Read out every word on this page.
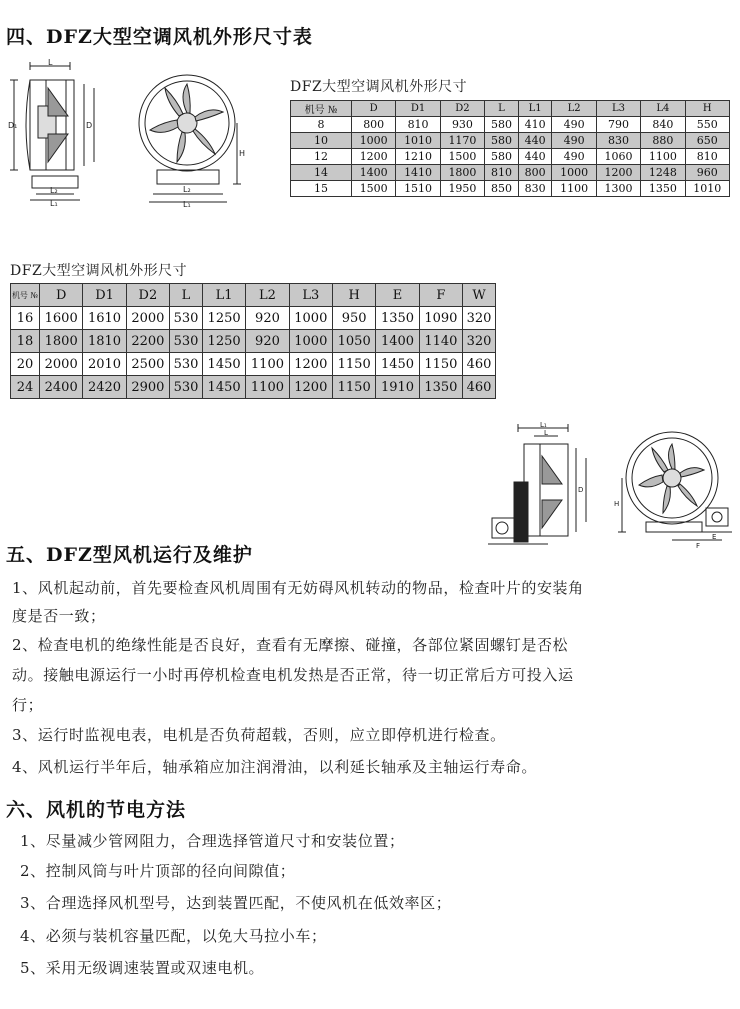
四、DFZ大型空调风机外形尺寸表
L
D₁	D
L₂
L₁
H
L₂
L₁
DFZ大型空调风机外形尺寸
机号 №	D	D1	D2	L	L1	L2	L3	L4	H
8	800	810	930	580	410	490	790	840	550
10	1000	1010	1170	580	440	490	830	880	650
12	1200	1210	1500	580	440	490	1060	1100	810
14	1400	1410	1800	810	800	1000	1200	1248	960
15	1500	1510	1950	850	830	1100	1300	1350	1010
DFZ大型空调风机外形尺寸
机号 №	D	D1	D2	L	L1	L2	L3	H	E	F	W
16	1600	1610	2000	530	1250	920	1000	950	1350	1090	320
18	1800	1810	2200	530	1250	920	1000	1050	1400	1140	320
20	2000	2010	2500	530	1450	1100	1200	1150	1450	1150	460
24	2400	2420	2900	530	1450	1100	1200	1150	1910	1350	460
L₁
L
D
H
E
F
五、DFZ型风机运行及维护
1、风机起动前，首先要检查风机周围有无妨碍风机转动的物品，检查叶片的安装角
度是否一致；
2、检查电机的绝缘性能是否良好，查看有无摩擦、碰撞，各部位紧固螺钉是否松
动。接触电源运行一小时再停机检查电机发热是否正常，待一切正常后方可投入运
行；
3、运行时监视电表，电机是否负荷超载，否则，应立即停机进行检查。
4、风机运行半年后，轴承箱应加注润滑油，以利延长轴承及主轴运行寿命。
六、风机的节电方法
1、尽量减少管网阻力，合理选择管道尺寸和安装位置；
2、控制风筒与叶片顶部的径向间隙值；
3、合理选择风机型号，达到装置匹配，不使风机在低效率区；
4、必须与装机容量匹配，以免大马拉小车；
5、采用无级调速装置或双速电机。
